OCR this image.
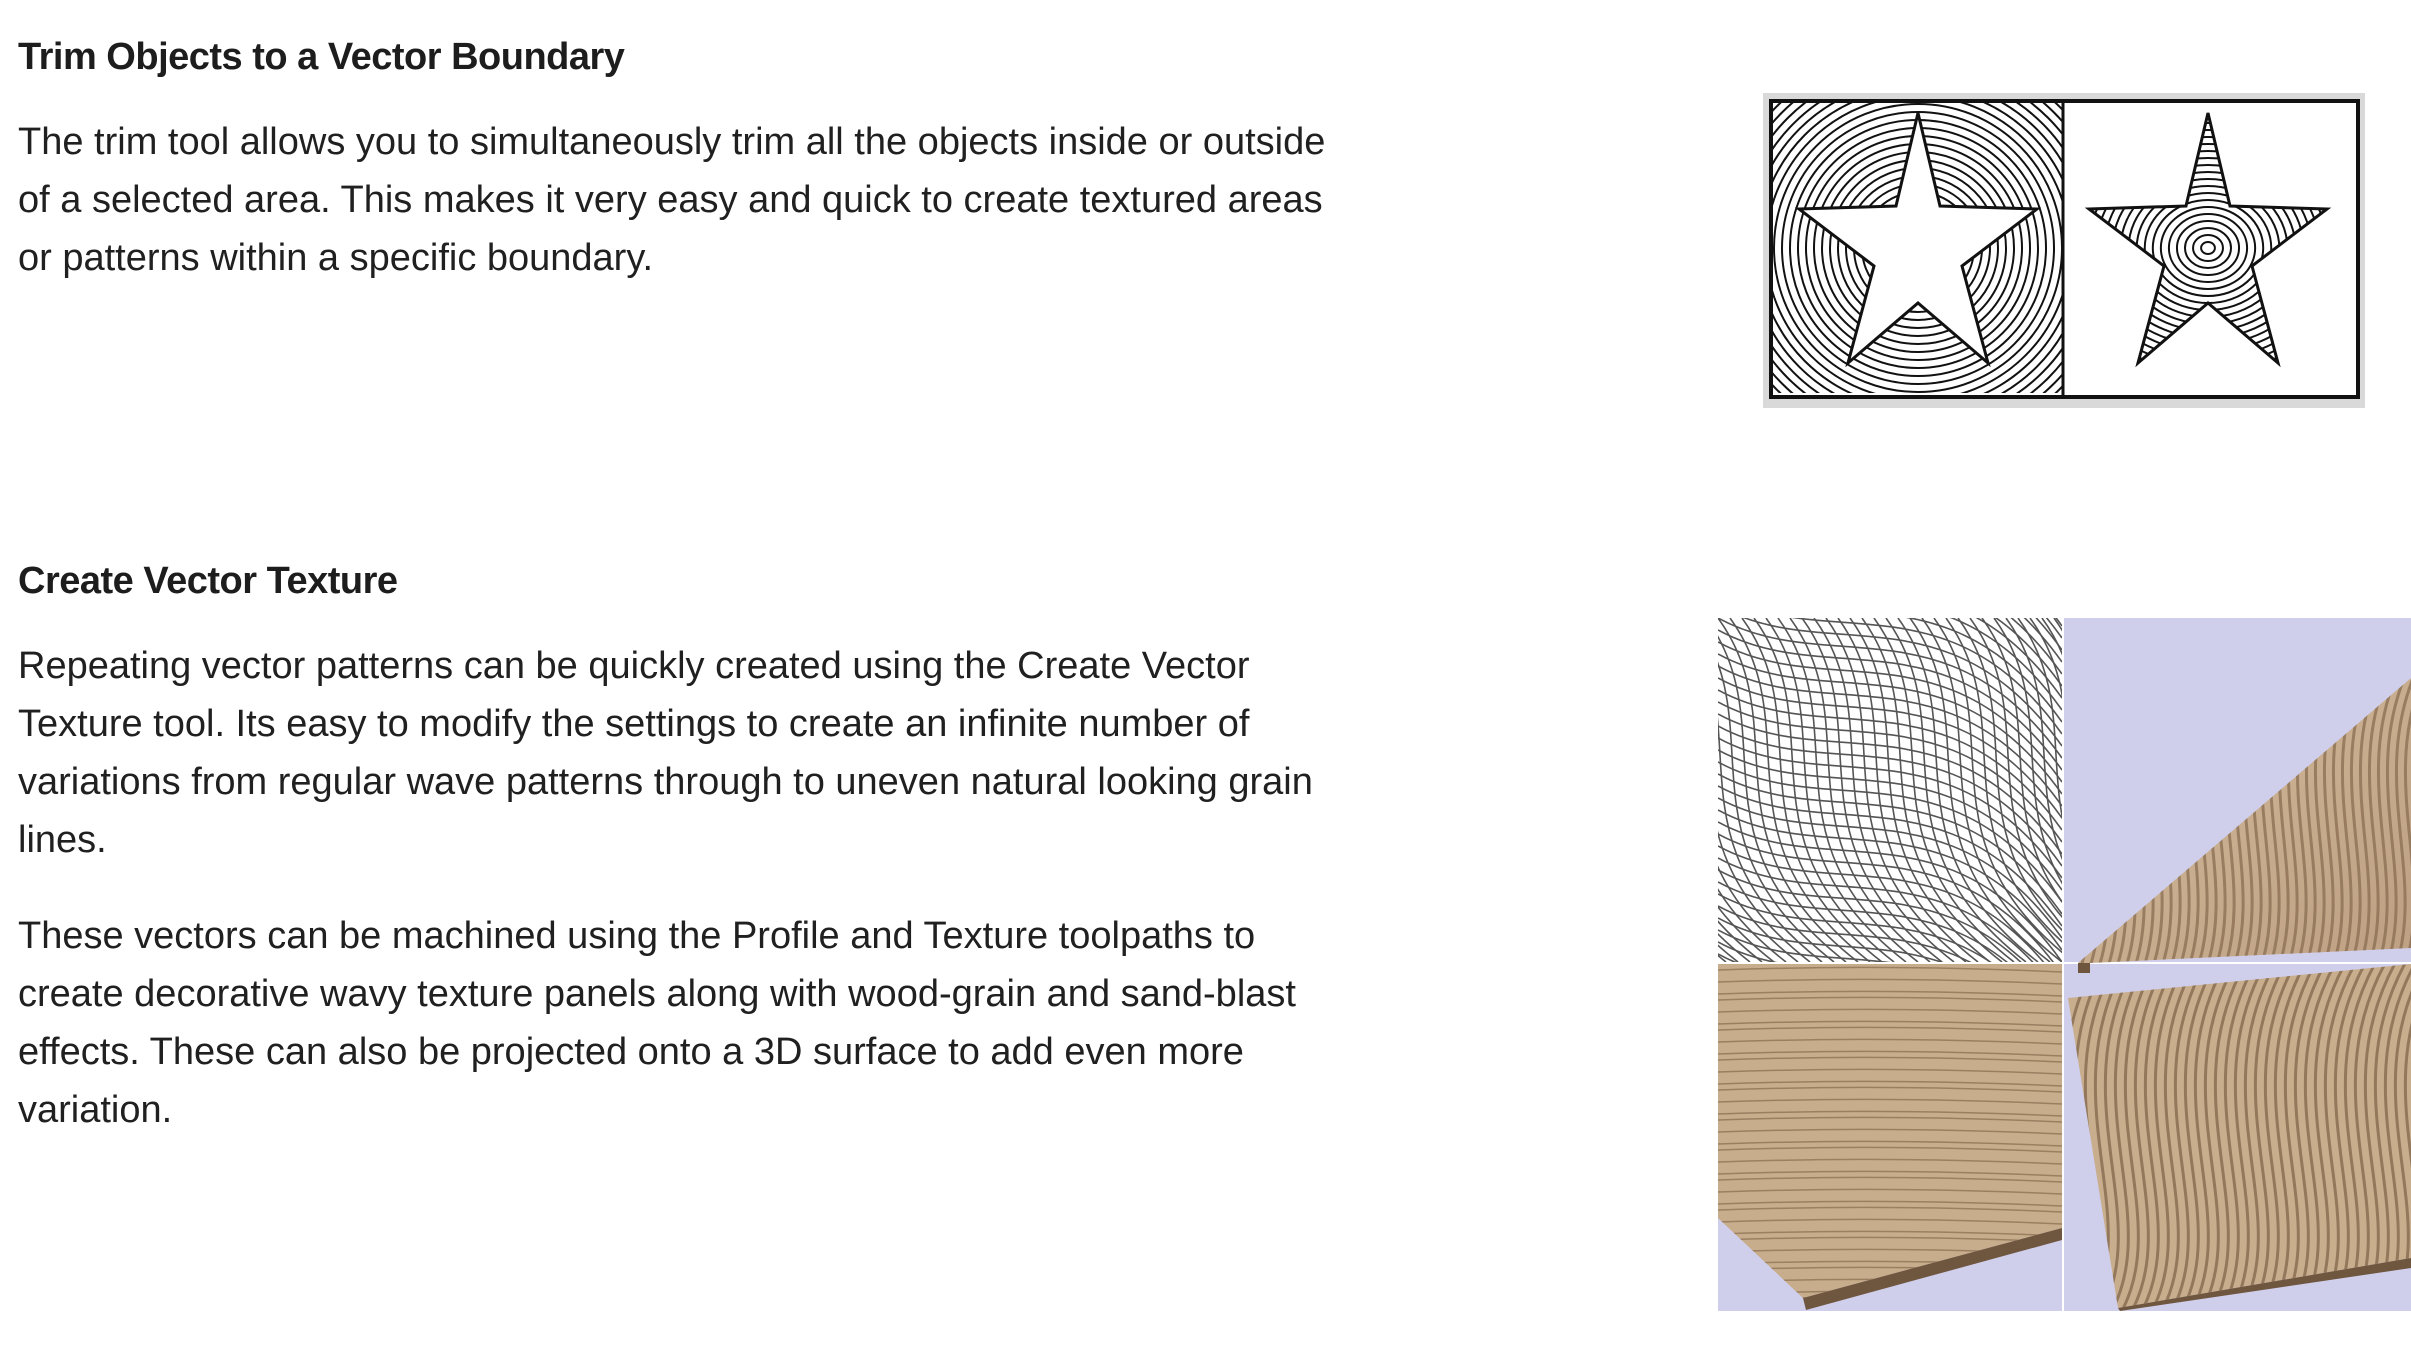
Trim Objects to a Vector Boundary

The trim tool allows you to simultaneously trim all the objects inside or outside of a selected area. This makes it very easy and quick to create textured areas or patterns within a specific boundary.

Create Vector Texture

Repeating vector patterns can be quickly created using the Create Vector Texture tool. Its easy to modify the settings to create an infinite number of variations from regular wave patterns through to uneven natural looking grain lines.

These vectors can be machined using the Profile and Texture toolpaths to create decorative wavy texture panels along with wood-grain and sand-blast effects. These can also be projected onto a 3D surface to add even more variation.
